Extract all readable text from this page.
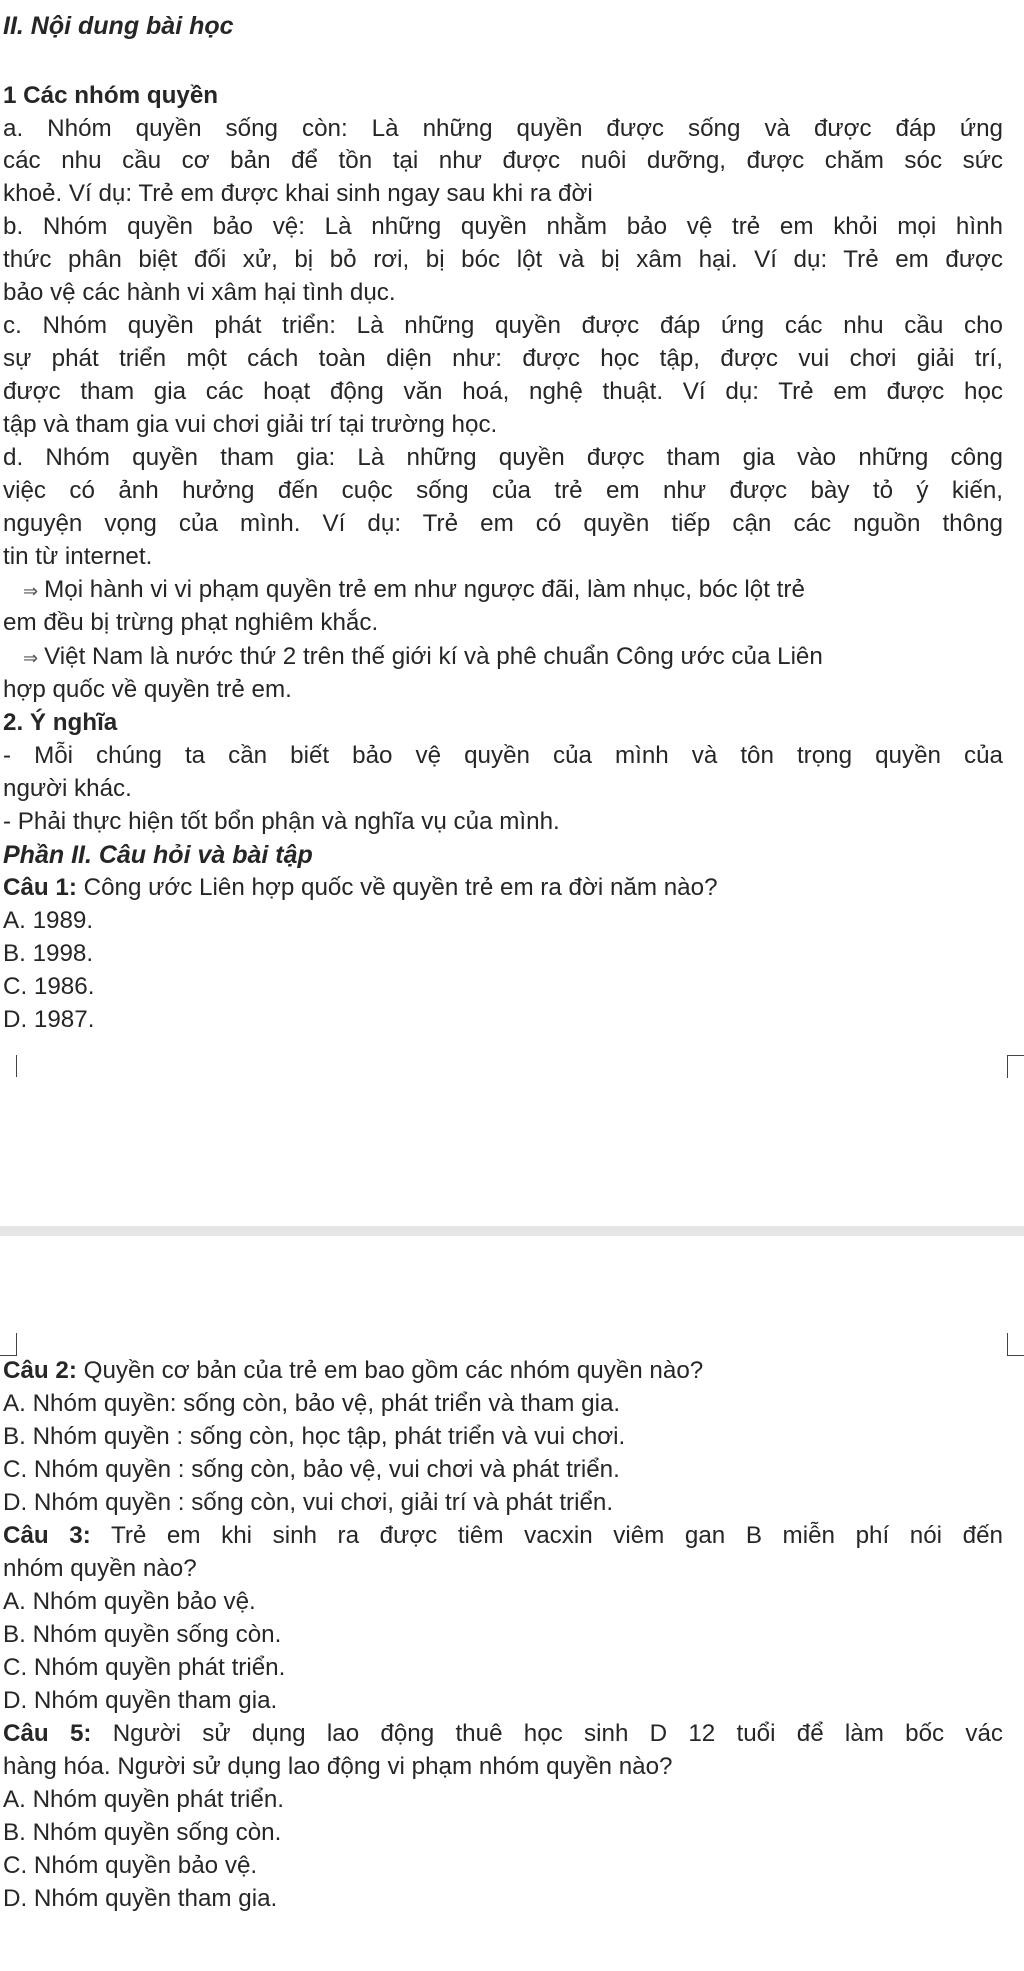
II. Nội dung bài học
1 Các nhóm quyền
a. Nhóm quyền sống còn: Là những quyền được sống và được đáp ứng
các nhu cầu cơ bản để tồn tại như được nuôi dưỡng, được chăm sóc sức
khoẻ. Ví dụ: Trẻ em được khai sinh ngay sau khi ra đời
b. Nhóm quyền bảo vệ: Là những quyền nhằm bảo vệ trẻ em khỏi mọi hình
thức phân biệt đối xử, bị bỏ rơi, bị bóc lột và bị xâm hại. Ví dụ: Trẻ em được
bảo vệ các hành vi xâm hại tình dục.
c. Nhóm quyền phát triển: Là những quyền được đáp ứng các nhu cầu cho
sự phát triển một cách toàn diện như: được học tập, được vui chơi giải trí,
được tham gia các hoạt động văn hoá, nghệ thuật. Ví dụ: Trẻ em được học
tập và tham gia vui chơi giải trí tại trường học.
d. Nhóm quyền tham gia: Là những quyền được tham gia vào những công
việc có ảnh hưởng đến cuộc sống của trẻ em như được bày tỏ ý kiến,
nguyện vọng của mình. Ví dụ: Trẻ em có quyền tiếp cận các nguồn thông
tin từ internet.
⇒ Mọi hành vi vi phạm quyền trẻ em như ngược đãi, làm nhục, bóc lột trẻ
em đều bị trừng phạt nghiêm khắc.
⇒ Việt Nam là nước thứ 2 trên thế giới kí và phê chuẩn Công ước của Liên
hợp quốc về quyền trẻ em.
2. Ý nghĩa
- Mỗi chúng ta cần biết bảo vệ quyền của mình và tôn trọng quyền của
người khác.
- Phải thực hiện tốt bổn phận và nghĩa vụ của mình.
Phần II. Câu hỏi và bài tập
Câu 1: Công ước Liên hợp quốc về quyền trẻ em ra đời năm nào?
A. 1989.
B. 1998.
C. 1986.
D. 1987.
Câu 2: Quyền cơ bản của trẻ em bao gồm các nhóm quyền nào?
A. Nhóm quyền: sống còn, bảo vệ, phát triển và tham gia.
B. Nhóm quyền : sống còn, học tập, phát triển và vui chơi.
C. Nhóm quyền : sống còn, bảo vệ, vui chơi và phát triển.
D. Nhóm quyền : sống còn, vui chơi, giải trí và phát triển.
Câu 3: Trẻ em khi sinh ra được tiêm vacxin viêm gan B miễn phí nói đến
nhóm quyền nào?
A. Nhóm quyền bảo vệ.
B. Nhóm quyền sống còn.
C. Nhóm quyền phát triển.
D. Nhóm quyền tham gia.
Câu 5: Người sử dụng lao động thuê học sinh D 12 tuổi để làm bốc vác
hàng hóa. Người sử dụng lao động vi phạm nhóm quyền nào?
A. Nhóm quyền phát triển.
B. Nhóm quyền sống còn.
C. Nhóm quyền bảo vệ.
D. Nhóm quyền tham gia.
